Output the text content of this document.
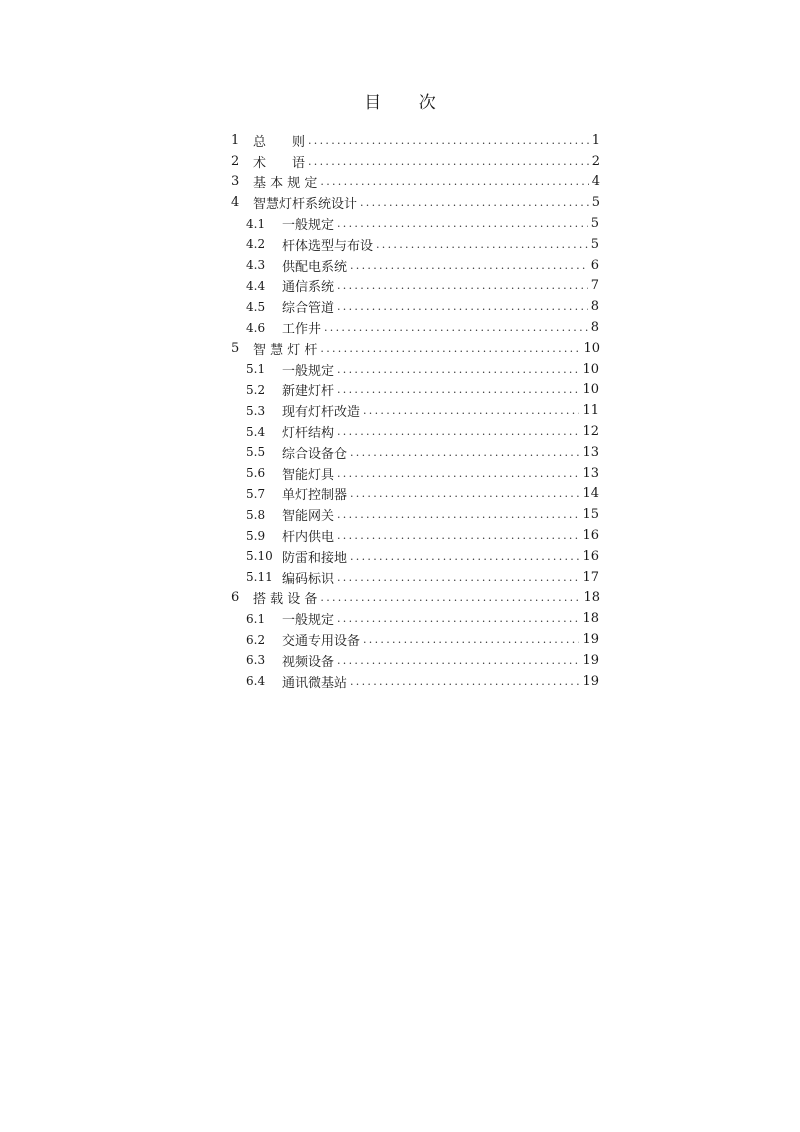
目 次
1	总　　则 .....	1
2	术　　语 .....	2
3	基 本 规 定 .....	4
4	智慧灯杆系统设计 .....	5
4.1	一般规定 .....	5
4.2	杆体选型与布设 .....	5
4.3	供配电系统 .....	6
4.4	通信系统 .....	7
4.5	综合管道 .....	8
4.6	工作井 .....	8
5	智 慧 灯 杆 .....	10
5.1	一般规定 .....	10
5.2	新建灯杆 .....	10
5.3	现有灯杆改造 .....	11
5.4	灯杆结构 .....	12
5.5	综合设备仓 .....	13
5.6	智能灯具 .....	13
5.7	单灯控制器 .....	14
5.8	智能网关 .....	15
5.9	杆内供电 .....	16
5.10 防雷和接地 .....	16
5.11 编码标识 .....	17
6	搭 载 设 备 .....	18
6.1	一般规定 .....	18
6.2	交通专用设备 .....	19
6.3	视频设备 .....	19
6.4	通讯微基站 .....	19
